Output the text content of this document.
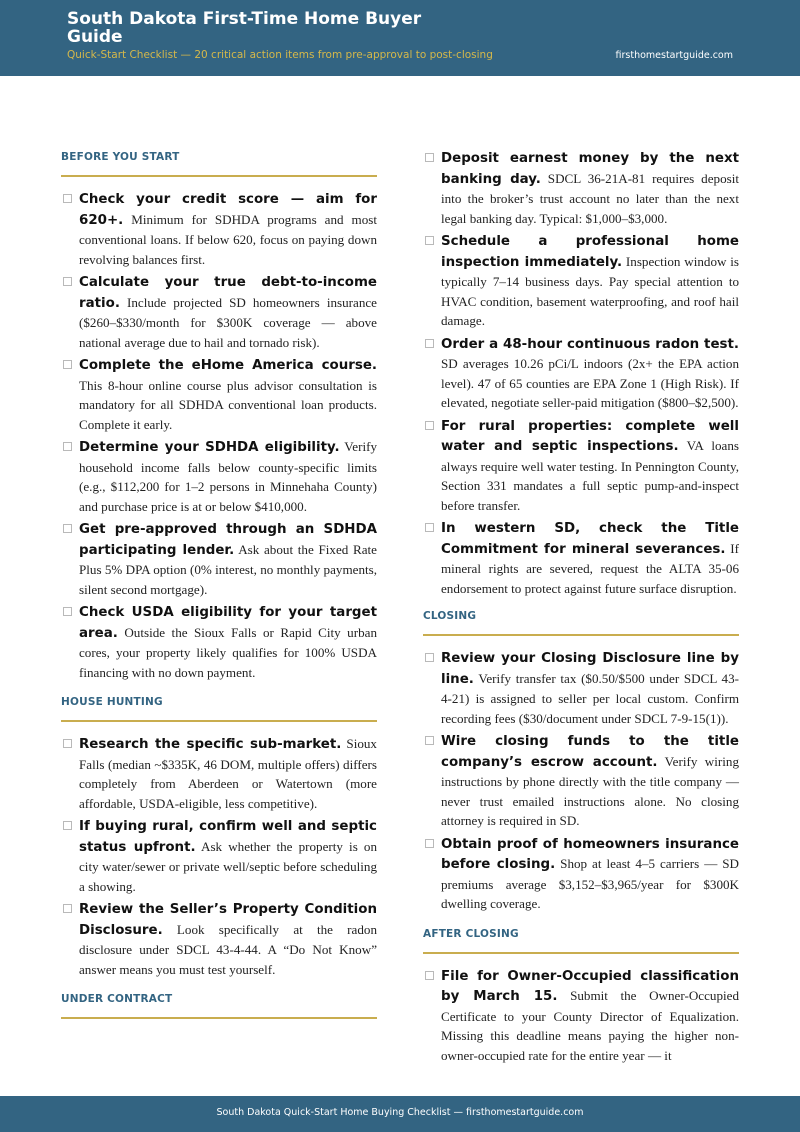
South Dakota First-Time Home Buyer Guide
Quick-Start Checklist — 20 critical action items from pre-approval to post-closing	firsthomestartguide.com
BEFORE YOU START
Check your credit score — aim for 620+. Minimum for SDHDA programs and most conventional loans. If below 620, focus on paying down revolving balances first.
Calculate your true debt-to-income ratio. Include projected SD homeowners insurance ($260–$330/month for $300K coverage — above national average due to hail and tornado risk).
Complete the eHome America course. This 8-hour online course plus advisor consultation is mandatory for all SDHDA conventional loan products. Complete it early.
Determine your SDHDA eligibility. Verify household income falls below county-specific limits (e.g., $112,200 for 1–2 persons in Minnehaha County) and purchase price is at or below $410,000.
Get pre-approved through an SDHDA participating lender. Ask about the Fixed Rate Plus 5% DPA option (0% interest, no monthly payments, silent second mortgage).
Check USDA eligibility for your target area. Outside the Sioux Falls or Rapid City urban cores, your property likely qualifies for 100% USDA financing with no down payment.
HOUSE HUNTING
Research the specific sub-market. Sioux Falls (median ~$335K, 46 DOM, multiple offers) differs completely from Aberdeen or Watertown (more affordable, USDA-eligible, less competitive).
If buying rural, confirm well and septic status upfront. Ask whether the property is on city water/sewer or private well/septic before scheduling a showing.
Review the Seller’s Property Condition Disclosure. Look specifically at the radon disclosure under SDCL 43-4-44. A “Do Not Know” answer means you must test yourself.
UNDER CONTRACT
Deposit earnest money by the next banking day. SDCL 36-21A-81 requires deposit into the broker’s trust account no later than the next legal banking day. Typical: $1,000–$3,000.
Schedule a professional home inspection immediately. Inspection window is typically 7–14 business days. Pay special attention to HVAC condition, basement waterproofing, and roof hail damage.
Order a 48-hour continuous radon test. SD averages 10.26 pCi/L indoors (2x+ the EPA action level). 47 of 65 counties are EPA Zone 1 (High Risk). If elevated, negotiate seller-paid mitigation ($800–$2,500).
For rural properties: complete well water and septic inspections. VA loans always require well water testing. In Pennington County, Section 331 mandates a full septic pump-and-inspect before transfer.
In western SD, check the Title Commitment for mineral severances. If mineral rights are severed, request the ALTA 35-06 endorsement to protect against future surface disruption.
CLOSING
Review your Closing Disclosure line by line. Verify transfer tax ($0.50/$500 under SDCL 43-4-21) is assigned to seller per local custom. Confirm recording fees ($30/document under SDCL 7-9-15(1)).
Wire closing funds to the title company’s escrow account. Verify wiring instructions by phone directly with the title company — never trust emailed instructions alone. No closing attorney is required in SD.
Obtain proof of homeowners insurance before closing. Shop at least 4–5 carriers — SD premiums average $3,152–$3,965/year for $300K dwelling coverage.
AFTER CLOSING
File for Owner-Occupied classification by March 15. Submit the Owner-Occupied Certificate to your County Director of Equalization. Missing this deadline means paying the higher non-owner-occupied rate for the entire year — it
South Dakota Quick-Start Home Buying Checklist — firsthomestartguide.com
